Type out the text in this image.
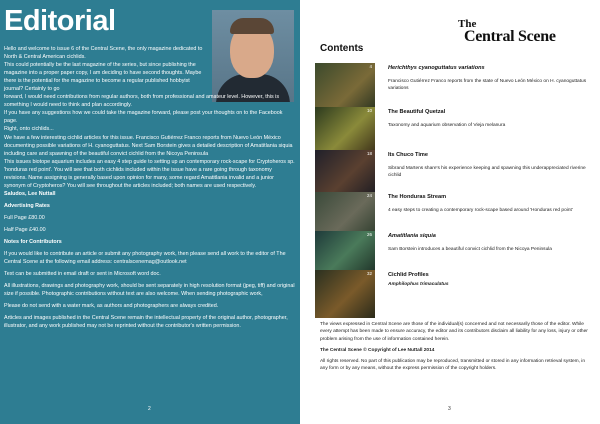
Editorial

Hello and welcome to issue 6 of the Central Scene, the only magazine dedicated to North & Central American cichlids.

This could potentially be the last magazine of the series, but since publishing the magazine into a proper paper copy, I am deciding to have second thoughts. Maybe there is the potential for the magazine to become a regular published hobbyist journal? Certainly to go

forward, I would need contributions from regular authors, both from professional and amateur level. However, this is something I would need to think and plan accordingly.

If you have any suggestions how we could take the magazine forward, please post your thoughts on to the Facebook page.

Right, onto cichlids...

We have a few interesting cichlid articles for this issue. Francisco Gutiérrez Franco reports from Nuevo León México documenting possible variations of H. cyanoguttatus. Next Sam Borstein gives a detailed description of Amatitlania siquia including care and spawning of the beautiful convict cichlid from the Nicoya Peninsula

This issues biotope aquarium includes an easy 4 step guide to setting up an contemporary rock-scape for Cryptoheros sp. 'honduras red point'. You will see that both cichlids included within the issue have a rare going through taxonomy revisions. Name assigning is generally based upon opinion for many, some regard Amatitlania invalid and a junior synonym of Cryptoheros? You will see throughout the articles included; both names are used respectively.

Saludos, Lee Nuttall

Advertising Rates

Full Page £80.00

Half Page £40.00

Notes for Contributors

If you would like to contribute an article or submit any photography work, then please send all work to the editor of The Central Scene at the following email address: centralscenemag@outlook.net

Text can be submitted in email draft or sent in Microsoft word doc.

All illustrations, drawings and photography work, should be sent separately in high resolution format (jpeg, tiff) and original size if possible. Photographic contributions without text are also welcome. When sending photographic work,

Please do not send with a water mark, as authors and photographers are always credited.

Articles and images published in the Central Scene remain the intellectual property of the original author, photographer, illustrator, and any work published may not be reprinted without the contributor's written permission.

2
The
Central Scene
Contents
4	Herichthys cyanoguttatus variations
Francisco Gutiérrez Franco reports from the state of Nuevo León México on H. cyanoguttatus variations
10	The Beautiful Quetzal
Taxonomy and aquarium observation of Vieja melanura
18	Its Chuco Time
Sibrand Martens share's his experience keeping and spawning this underappreciated riverine cichlid
24	The Honduras Stream
4 easy steps to creating a contemporary rock-scape based around 'Honduras red point'
26	Amatitlania siquia
Sam Borstein introduces a beautiful convict cichlid from the Nicoya Peninsula
32	Cichlid Profiles
Amphilophus trimaculatus

The views expressed in Central Scene are those of the individual(s) concerned and not necessarily those of the editor. While every attempt has been made to ensure accuracy, the editor and its contributors disclaim all liability for any loss, injury or other problem arising from the use of information contained herein.

The Central Scene © Copyright of Lee Nuttall 2014

All rights reserved. No part of this publication may be reproduced, transmitted or stored in any information retrieval system, in any form or by any means, without the express permission of the copyright holders.

3
